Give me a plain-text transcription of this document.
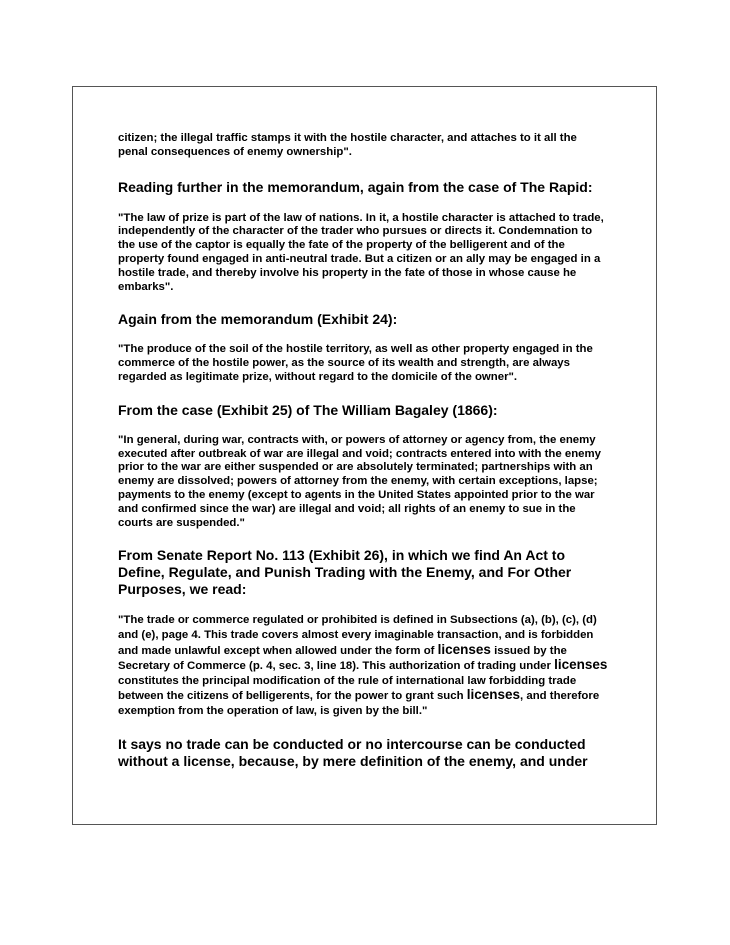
citizen; the illegal traffic stamps it with the hostile character, and attaches to it all the penal consequences of enemy ownership".

Reading further in the memorandum, again from the case of The Rapid:

"The law of prize is part of the law of nations. In it, a hostile character is attached to trade, independently of the character of the trader who pursues or directs it. Condemnation to the use of the captor is equally the fate of the property of the belligerent and of the property found engaged in anti-neutral trade. But a citizen or an ally may be engaged in a hostile trade, and thereby involve his property in the fate of those in whose cause he embarks".

Again from the memorandum (Exhibit 24):

"The produce of the soil of the hostile territory, as well as other property engaged in the commerce of the hostile power, as the source of its wealth and strength, are always regarded as legitimate prize, without regard to the domicile of the owner".

From the case (Exhibit 25) of The William Bagaley (1866):

"In general, during war, contracts with, or powers of attorney or agency from, the enemy executed after outbreak of war are illegal and void; contracts entered into with the enemy prior to the war are either suspended or are absolutely terminated; partnerships with an enemy are dissolved; powers of attorney from the enemy, with certain exceptions, lapse; payments to the enemy (except to agents in the United States appointed prior to the war and confirmed since the war) are illegal and void; all rights of an enemy to sue in the courts are suspended."

From Senate Report No. 113 (Exhibit 26), in which we find An Act to Define, Regulate, and Punish Trading with the Enemy, and For Other Purposes, we read:

"The trade or commerce regulated or prohibited is defined in Subsections (a), (b), (c), (d) and (e), page 4. This trade covers almost every imaginable transaction, and is forbidden and made unlawful except when allowed under the form of licenses issued by the Secretary of Commerce (p. 4, sec. 3, line 18). This authorization of trading under licenses constitutes the principal modification of the rule of international law forbidding trade between the citizens of belligerents, for the power to grant such licenses, and therefore exemption from the operation of law, is given by the bill."

It says no trade can be conducted or no intercourse can be conducted without a license, because, by mere definition of the enemy, and under
